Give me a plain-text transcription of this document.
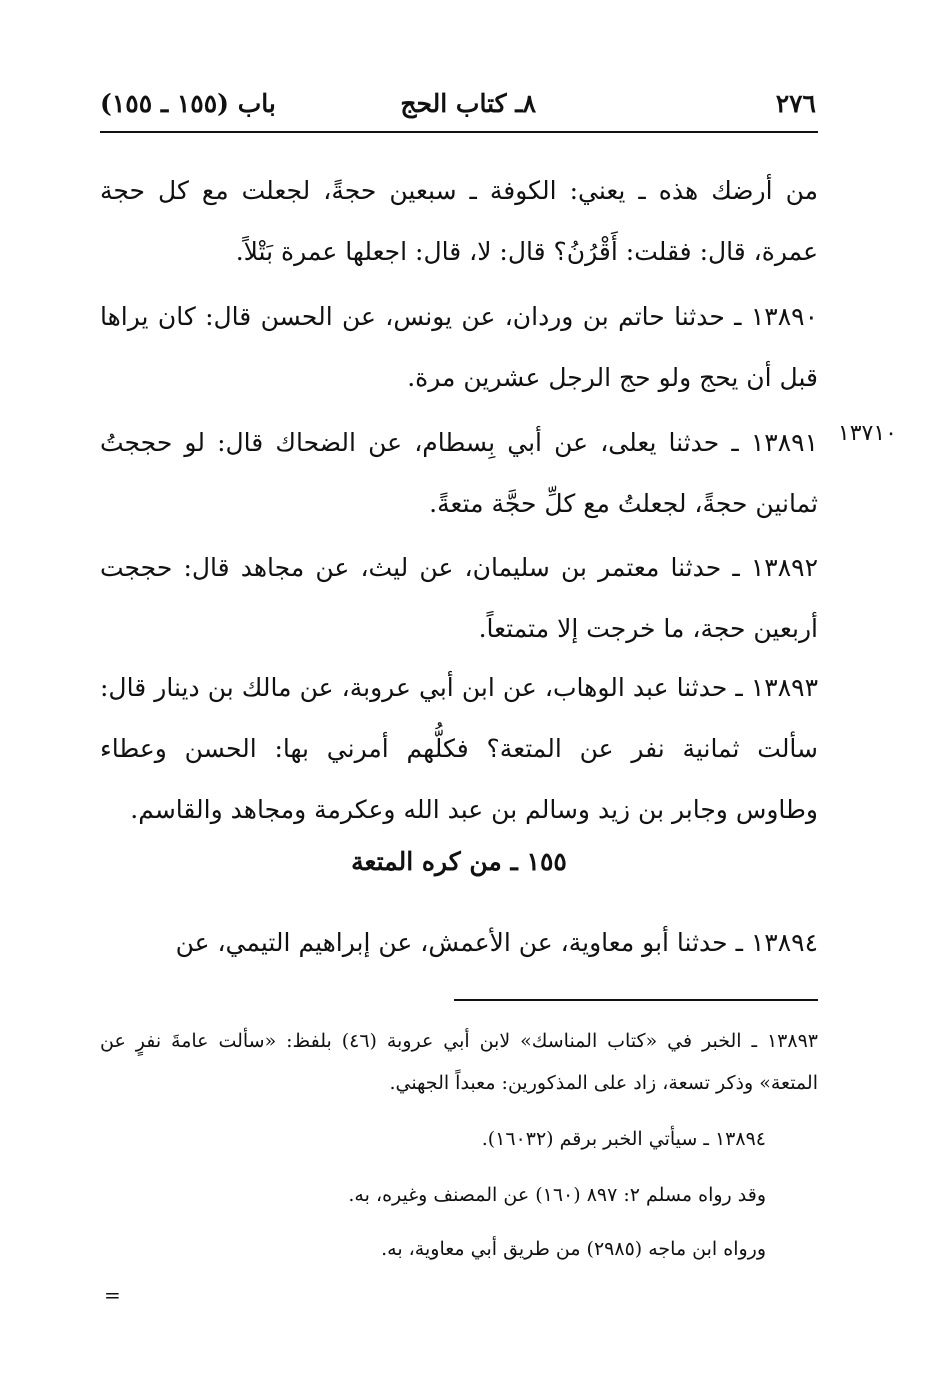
٢٧٦
٨ـ كتاب الحج
باب (١٥٥ ـ ١٥٥)

من أرضك هذه ـ يعني: الكوفة ـ سبعين حجةً، لجعلت مع كل حجة عمرة، قال: فقلت: أَقْرُنُ؟ قال: لا، قال: اجعلها عمرة بَتْلاً.

١٣٨٩٠ ـ حدثنا حاتم بن وردان، عن يونس، عن الحسن قال: كان يراها قبل أن يحج ولو حج الرجل عشرين مرة.

١٣٧١٠

١٣٨٩١ ـ حدثنا يعلى، عن أبي بِسطام، عن الضحاك قال: لو حججتُ ثمانين حجةً، لجعلتُ مع كلِّ حجَّة متعةً.

١٣٨٩٢ ـ حدثنا معتمر بن سليمان، عن ليث، عن مجاهد قال: حججت أربعين حجة، ما خرجت إلا متمتعاً.

١٣٨٩٣ ـ حدثنا عبد الوهاب، عن ابن أبي عروبة، عن مالك بن دينار قال: سألت ثمانية نفر عن المتعة؟ فكلُّهم أمرني بها: الحسن وعطاء وطاوس وجابر بن زيد وسالم بن عبد الله وعكرمة ومجاهد والقاسم.

١٥٥ ـ من كره المتعة

١٣٨٩٤ ـ حدثنا أبو معاوية، عن الأعمش، عن إبراهيم التيمي، عن

١٣٨٩٣ ـ الخبر في «كتاب المناسك» لابن أبي عروبة (٤٦) بلفظ: «سألت عامةَ نفرٍ عن المتعة» وذكر تسعة، زاد على المذكورين: معبداً الجهني.

١٣٨٩٤ ـ سيأتي الخبر برقم (١٦٠٣٢).

وقد رواه مسلم ٢: ٨٩٧ (١٦٠) عن المصنف وغيره، به.

ورواه ابن ماجه (٢٩٨٥) من طريق أبي معاوية، به.

=
